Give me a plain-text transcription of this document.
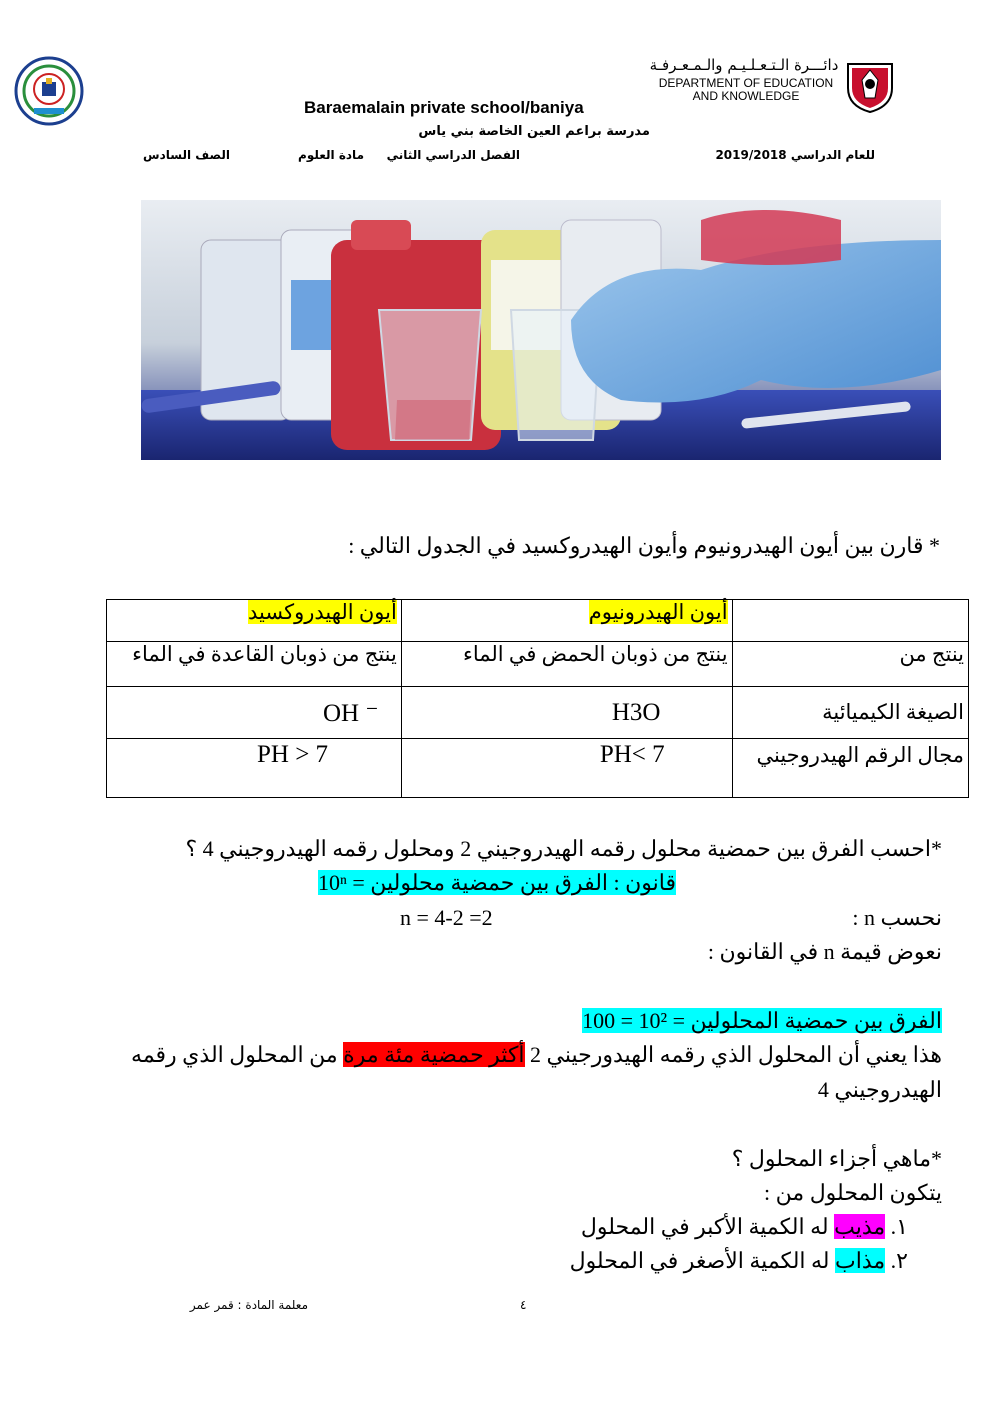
دائـــرة الـتـعـلـيـم والـمـعـرفـة
DEPARTMENT OF EDUCATION
AND KNOWLEDGE
Baraemalain private school/baniya
مدرسة براعم العين الخاصة بني ياس
للعام الدراسي 2019/2018
الفصل الدراسي الثاني
مادة العلوم
الصف السادس
* قارن بين أيون الهيدرونيوم وأيون الهيدروكسيد في الجدول التالي :
	أيون الهيدرونيوم	أيون الهيدروكسيد
ينتج من	ينتج من ذوبان الحمض في الماء	ينتج من ذوبان القاعدة في الماء
الصيغة الكيميائية	H3O	OH ⁻
مجال الرقم الهيدروجيني	PH< 7	PH > 7
*احسب الفرق بين حمضية محلول رقمه الهيدروجيني 2 ومحلول رقمه الهيدروجيني 4 ؟
قانون : الفرق بين حمضية محلولين = 10ⁿ
نحسب n :
n = 4-2 =2
نعوض قيمة n في القانون :
الفرق بين حمضية المحلولين = 10² = 100
هذا يعني أن المحلول الذي رقمه الهيدورجيني 2 أكثر حمضية مئة مرة من المحلول الذي رقمه
الهيدروجيني 4
*ماهي أجزاء المحلول ؟
يتكون المحلول من :
١. مذيب له الكمية الأكبر في المحلول
٢. مذاب له الكمية الأصغر في المحلول
٤
معلمة المادة : قمر عمر
